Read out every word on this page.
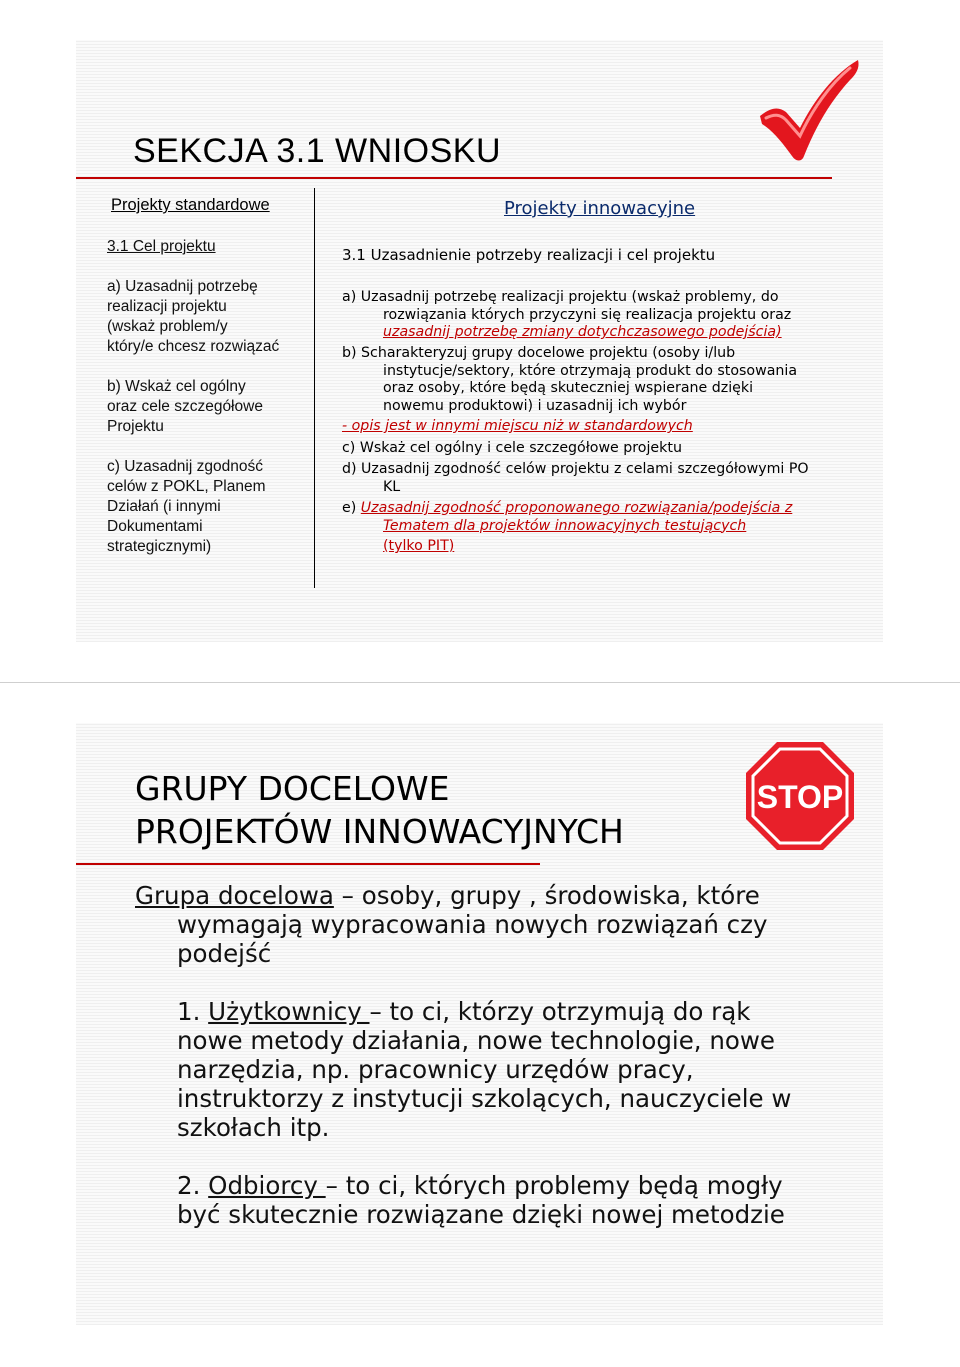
SEKCJA 3.1 WNIOSKU
Projekty standardowe
3.1 Cel projektu
a) Uzasadnij potrzebę
realizacji projektu
(wskaż problem/y
który/e chcesz rozwiązać
b) Wskaż cel ogólny
oraz cele szczegółowe
Projektu
c) Uzasadnij zgodność
celów z POKL, Planem
Działań (i innymi
Dokumentami
strategicznymi)
Projekty innowacyjne
3.1 Uzasadnienie potrzeby realizacji i cel projektu
a) Uzasadnij potrzebę realizacji projektu (wskaż problemy, do
rozwiązania których przyczyni się realizacja projektu oraz
uzasadnij potrzebę zmiany dotychczasowego podejścia)
b) Scharakteryzuj grupy docelowe projektu (osoby i/lub
instytucje/sektory, które otrzymają produkt do stosowania
oraz osoby, które będą skuteczniej wspierane dzięki
nowemu produktowi) i uzasadnij ich wybór
- opis jest w innymi miejscu niż w standardowych
c) Wskaż cel ogólny i cele szczegółowe projektu
d) Uzasadnij zgodność celów projektu z celami szczegółowymi PO
KL
e) Uzasadnij zgodność proponowanego rozwiązania/podejścia z
Tematem dla projektów innowacyjnych testujących
(tylko PIT)
GRUPY DOCELOWE
PROJEKTÓW INNOWACYJNYCH
STOP
Grupa docelowa – osoby, grupy , środowiska, które
wymagają wypracowania nowych rozwiązań czy
podejść
1. Użytkownicy – to ci, którzy otrzymują do rąk
nowe metody działania, nowe technologie, nowe
narzędzia, np. pracownicy urzędów pracy,
instruktorzy z instytucji szkolących, nauczyciele w
szkołach itp.
2. Odbiorcy – to ci, których problemy będą mogły
być skutecznie rozwiązane dzięki nowej metodzie
